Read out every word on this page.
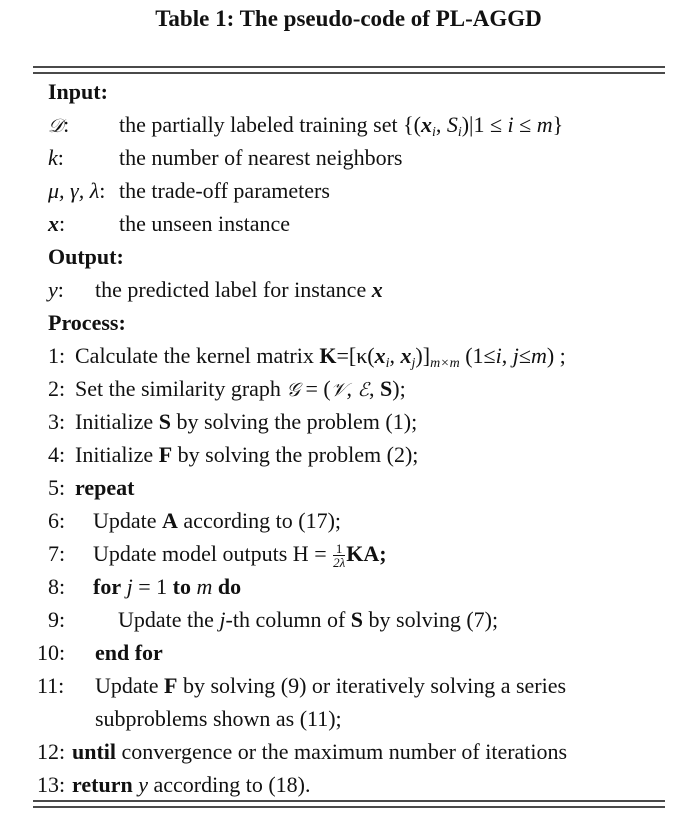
Table 1: The pseudo-code of PL-AGGD
Input:
𝒟: the partially labeled training set {($x_i$, $S_i)|1 \le i \le m$}
k:	the number of nearest neighbors
μ, γ, λ: the trade-off parameters
x: the unseen instance
Output:
y: the predicted label for instance x
Process:
1: Calculate the kernel matrix $K=[\kappa(x_i$, $x_j)]_{m\times m}$ (1≤i, j≤m) ;
2: Set the similarity graph 𝒢 = (𝒱, ℰ, S);
3: Initialize S by solving the problem (1);
4: Initialize F by solving the problem (2);
5: repeat
6: Update A according to (17);
7: Update model outputs $H = \frac{1}{2\lambda}$ KA;
8: for j = 1 to m do
9: Update the j-th column of S by solving (7);
10: end for
11: Update F by solving (9) or iteratively solving a series
subproblems shown as (11);
12: until convergence or the maximum number of iterations
13: return y according to (18).
